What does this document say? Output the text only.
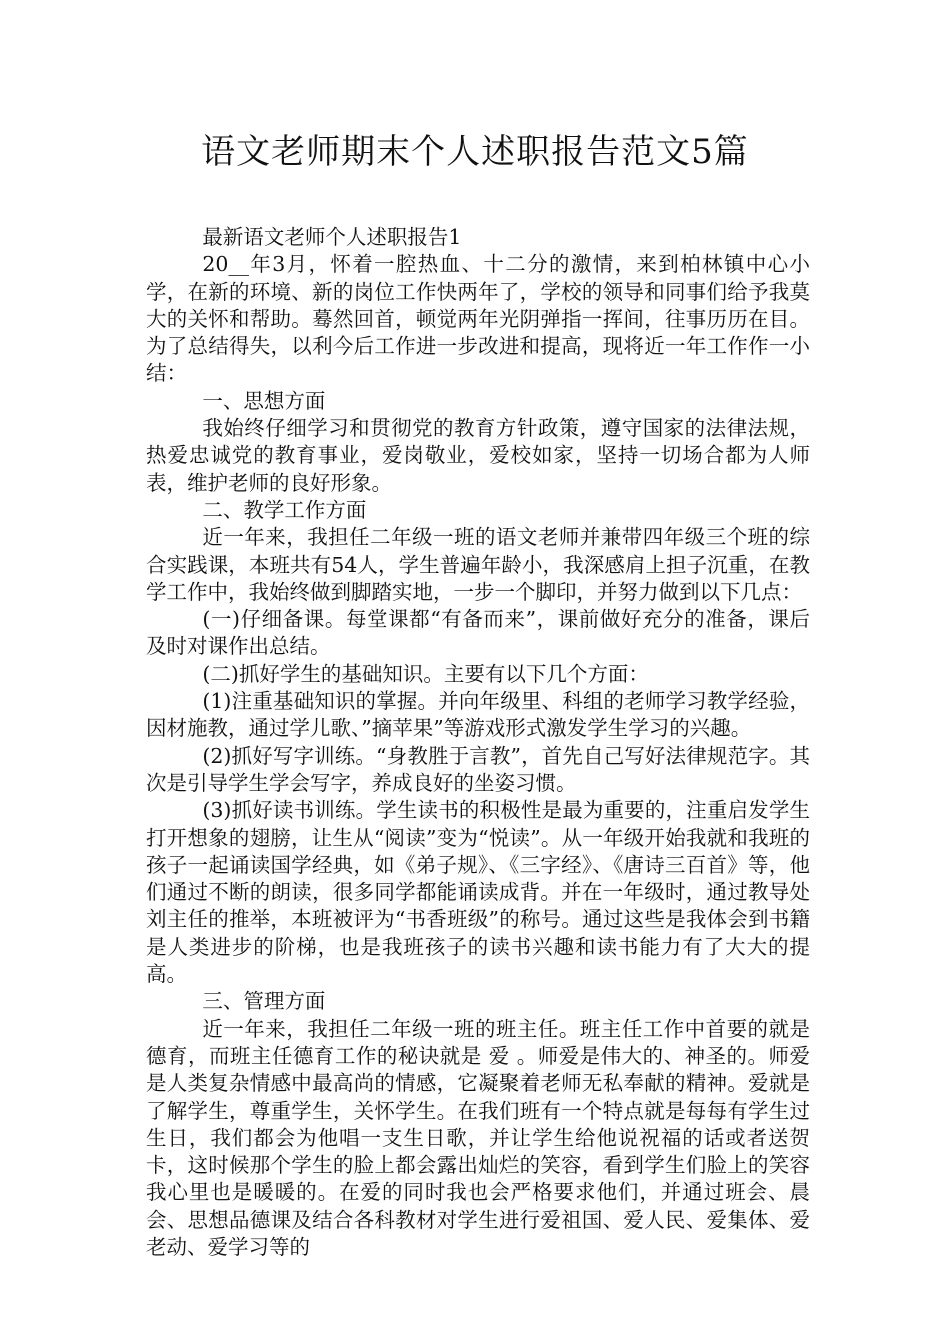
语文老师期末个人述职报告范文5篇

最新语文老师个人述职报告1

20__年3月，怀着一腔热血、十二分的激情，来到柏林镇中心小学，在新的环境、新的岗位工作快两年了，学校的领导和同事们给予我莫大的关怀和帮助。蓦然回首，顿觉两年光阴弹指一挥间，往事历历在目。为了总结得失，以利今后工作进一步改进和提高，现将近一年工作作一小结：

一、思想方面

我始终仔细学习和贯彻党的教育方针政策，遵守国家的法律法规，热爱忠诚党的教育事业，爱岗敬业，爱校如家，坚持一切场合都为人师表，维护老师的良好形象。

二、教学工作方面

近一年来，我担任二年级一班的语文老师并兼带四年级三个班的综合实践课，本班共有54人，学生普遍年龄小，我深感肩上担子沉重，在教学工作中，我始终做到脚踏实地，一步一个脚印，并努力做到以下几点：

(一)仔细备课。每堂课都“有备而来”，课前做好充分的准备，课后及时对课作出总结。

(二)抓好学生的基础知识。主要有以下几个方面：

(1)注重基础知识的掌握。并向年级里、科组的老师学习教学经验，因材施教，通过学儿歌、”摘苹果”等游戏形式激发学生学习的兴趣。

(2)抓好写字训练。“身教胜于言教”，首先自己写好法律规范字。其次是引导学生学会写字，养成良好的坐姿习惯。

(3)抓好读书训练。学生读书的积极性是最为重要的，注重启发学生打开想象的翅膀，让生从“阅读”变为“悦读”。从一年级开始我就和我班的孩子一起诵读国学经典，如《弟子规》、《三字经》、《唐诗三百首》等，他们通过不断的朗读，很多同学都能诵读成背。并在一年级时，通过教导处刘主任的推举，本班被评为“书香班级”的称号。通过这些是我体会到书籍是人类进步的阶梯，也是我班孩子的读书兴趣和读书能力有了大大的提高。

三、管理方面

近一年来，我担任二年级一班的班主任。班主任工作中首要的就是德育，而班主任德育工作的秘诀就是 爱 。师爱是伟大的、神圣的。师爱是人类复杂情感中最高尚的情感，它凝聚着老师无私奉献的精神。爱就是了解学生，尊重学生，关怀学生。在我们班有一个特点就是每每有学生过生日，我们都会为他唱一支生日歌，并让学生给他说祝福的话或者送贺卡，这时候那个学生的脸上都会露出灿烂的笑容，看到学生们脸上的笑容我心里也是暖暖的。在爱的同时我也会严格要求他们，并通过班会、晨会、思想品德课及结合各科教材对学生进行爱祖国、爱人民、爱集体、爱老动、爱学习等的
